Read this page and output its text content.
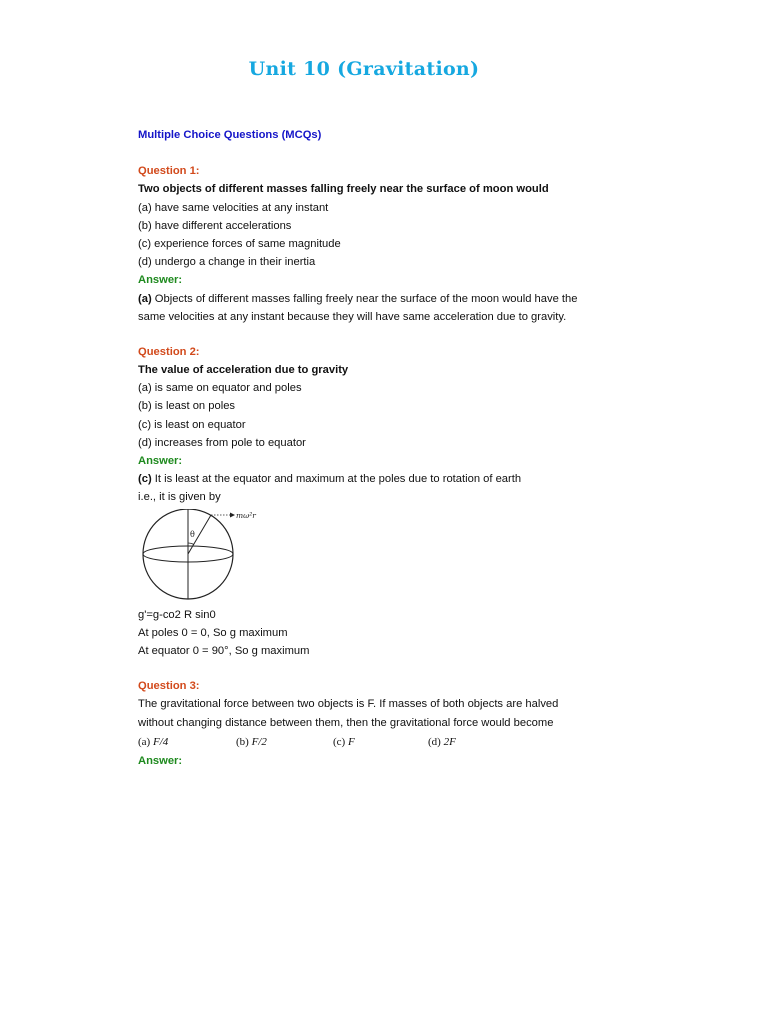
Unit 10 (Gravitation)
Multiple Choice Questions (MCQs)
Question 1:
Two objects of different masses falling freely near the surface of moon would
(a) have same velocities at any instant
(b) have different accelerations
(c) experience forces of same magnitude
(d) undergo a change in their inertia
Answer:
(a) Objects of different masses falling freely near the surface of the moon would have the
same velocities at any instant because they will have same acceleration due to gravity.
Question 2:
The value of acceleration due to gravity
(a) is same on equator and poles
(b) is least on poles
(c) is least on equator
(d) increases from pole to equator
Answer:
(c) It is least at the equator and maximum at the poles due to rotation of earth
i.e., it is given by
θ
mω²r
g'=g-co2 R sin0
At poles 0 = 0, So g maximum
At equator 0 = 90°, So g maximum
Question 3:
The gravitational force between two objects is F. If masses of both objects are halved
without changing distance between them, then the gravitational force would become
(a) F/4	(b) F/2	(c) F	(d) 2F
Answer:
